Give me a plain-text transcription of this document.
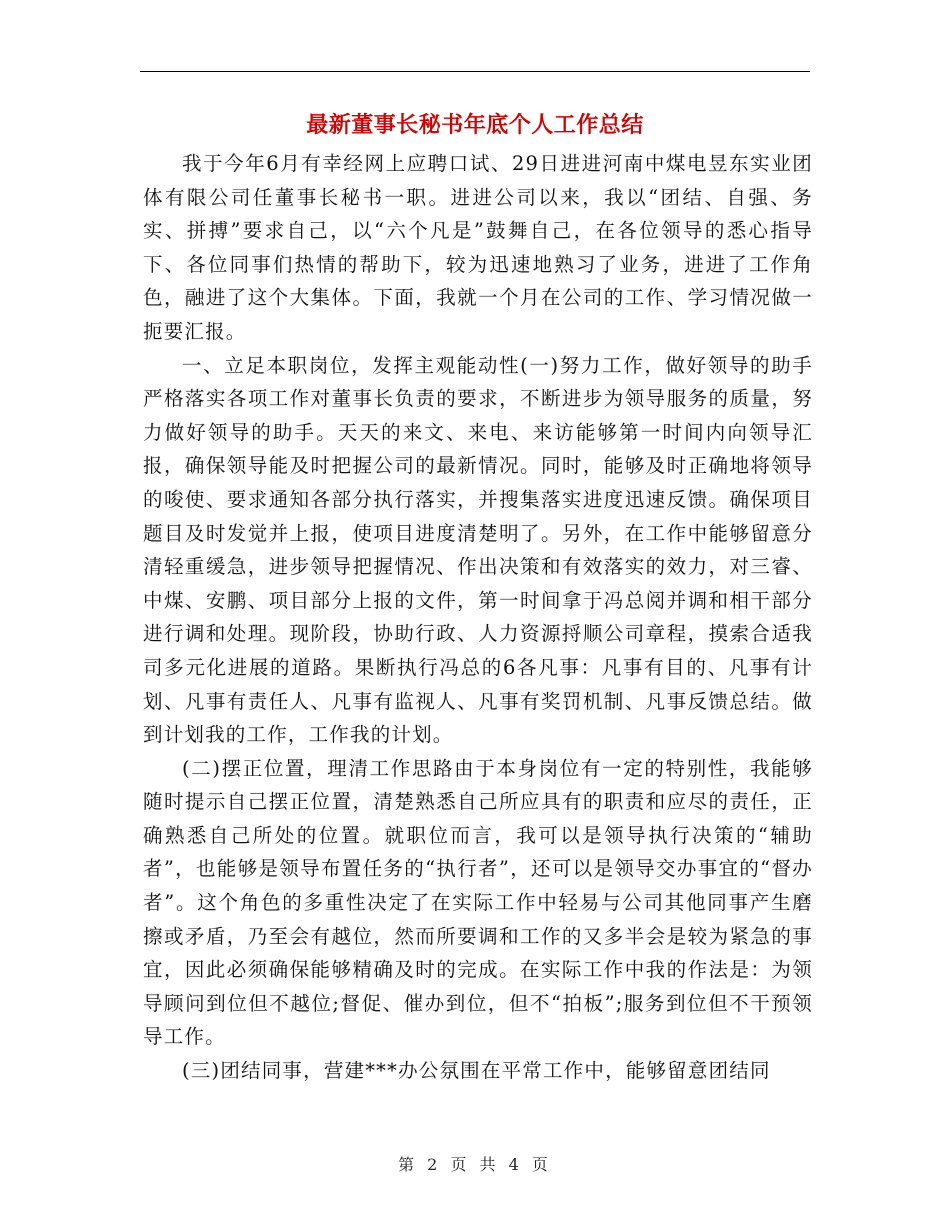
最新董事长秘书年底个人工作总结

我于今年6月有幸经网上应聘口试、29日进进河南中煤电昱东实业团体有限公司任董事长秘书一职。进进公司以来，我以“团结、自强、务实、拼搏”要求自己，以“六个凡是”鼓舞自己，在各位领导的悉心指导下、各位同事们热情的帮助下，较为迅速地熟习了业务，进进了工作角色，融进了这个大集体。下面，我就一个月在公司的工作、学习情况做一扼要汇报。

一、立足本职岗位，发挥主观能动性(一)努力工作，做好领导的助手严格落实各项工作对董事长负责的要求，不断进步为领导服务的质量，努力做好领导的助手。天天的来文、来电、来访能够第一时间内向领导汇报，确保领导能及时把握公司的最新情况。同时，能够及时正确地将领导的唆使、要求通知各部分执行落实，并搜集落实进度迅速反馈。确保项目题目及时发觉并上报，使项目进度清楚明了。另外，在工作中能够留意分清轻重缓急，进步领导把握情况、作出决策和有效落实的效力，对三睿、中煤、安鹏、项目部分上报的文件，第一时间拿于冯总阅并调和相干部分进行调和处理。现阶段，协助行政、人力资源捋顺公司章程，摸索合适我司多元化进展的道路。果断执行冯总的6各凡事：凡事有目的、凡事有计划、凡事有责任人、凡事有监视人、凡事有奖罚机制、凡事反馈总结。做到计划我的工作，工作我的计划。

(二)摆正位置，理清工作思路由于本身岗位有一定的特别性，我能够随时提示自己摆正位置，清楚熟悉自己所应具有的职责和应尽的责任，正确熟悉自己所处的位置。就职位而言，我可以是领导执行决策的“辅助者”，也能够是领导布置任务的“执行者”，还可以是领导交办事宜的“督办者”。这个角色的多重性决定了在实际工作中轻易与公司其他同事产生磨擦或矛盾，乃至会有越位，然而所要调和工作的又多半会是较为紧急的事宜，因此必须确保能够精确及时的完成。在实际工作中我的作法是：为领导顾问到位但不越位;督促、催办到位，但不“拍板”;服务到位但不干预领导工作。

(三)团结同事，营建***办公氛围在平常工作中，能够留意团结同

第 2 页 共 4 页
